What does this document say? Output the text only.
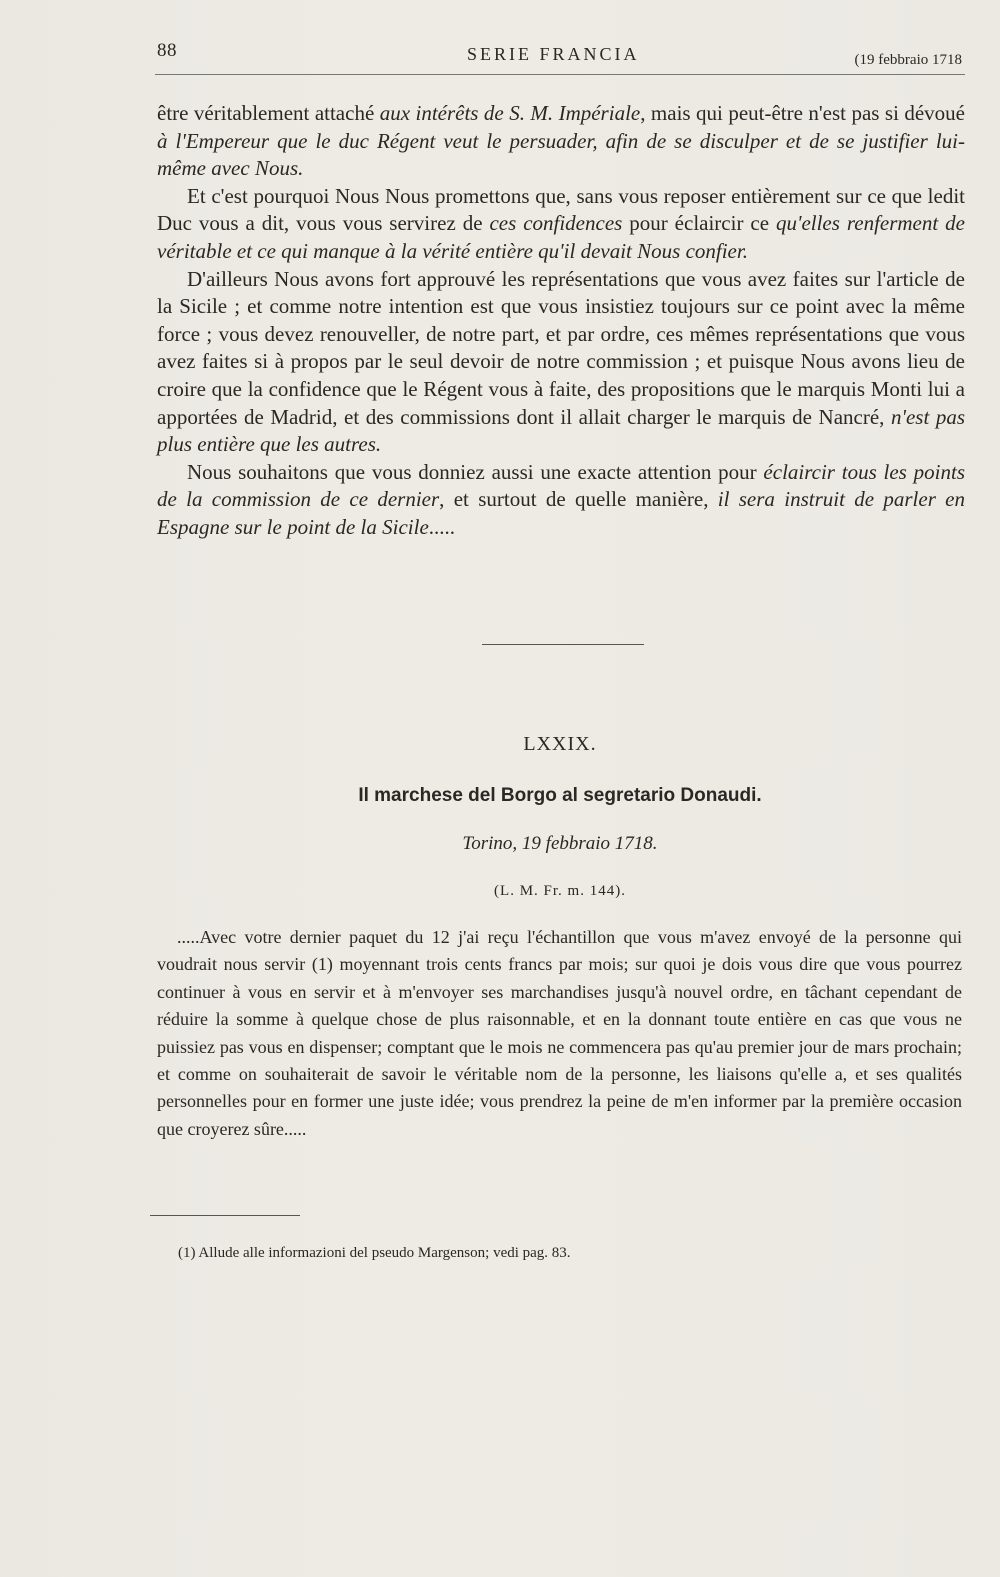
88	SERIE FRANCIA	(19 febbraio 1718

être véritablement attaché aux intérêts de S. M. Impériale, mais qui peut-être n'est pas si dévoué à l'Empereur que le duc Régent veut le persuader, afin de se disculper et de se justifier lui-même avec Nous.

Et c'est pourquoi Nous Nous promettons que, sans vous reposer entièrement sur ce que ledit Duc vous a dit, vous vous servirez de ces confidences pour éclaircir ce qu'elles renferment de véritable et ce qui manque à la vérité entière qu'il devait Nous confier.

D'ailleurs Nous avons fort approuvé les représentations que vous avez faites sur l'article de la Sicile ; et comme notre intention est que vous insistiez toujours sur ce point avec la même force ; vous devez renouveller, de notre part, et par ordre, ces mêmes représentations que vous avez faites si à propos par le seul devoir de notre commission ; et puisque Nous avons lieu de croire que la confidence que le Régent vous à faite, des propositions que le marquis Monti lui a apportées de Madrid, et des commissions dont il allait charger le marquis de Nancré, n'est pas plus entière que les autres.

Nous souhaitons que vous donniez aussi une exacte attention pour éclaircir tous les points de la commission de ce dernier, et surtout de quelle manière, il sera instruit de parler en Espagne sur le point de la Sicile.....

LXXIX.
Il marchese del Borgo al segretario Donaudi.
Torino, 19 febbraio 1718.
(L. M. Fr. m. 144).

.....Avec votre dernier paquet du 12 j'ai reçu l'échantillon que vous m'avez envoyé de la personne qui voudrait nous servir (1) moyennant trois cents francs par mois; sur quoi je dois vous dire que vous pourrez continuer à vous en servir et à m'envoyer ses marchandises jusqu'à nouvel ordre, en tâchant cependant de réduire la somme à quelque chose de plus raisonnable, et en la donnant toute entière en cas que vous ne puissiez pas vous en dispenser; comptant que le mois ne commencera pas qu'au premier jour de mars prochain; et comme on souhaiterait de savoir le véritable nom de la personne, les liaisons qu'elle a, et ses qualités personnelles pour en former une juste idée; vous prendrez la peine de m'en informer par la première occasion que croyerez sûre.....

(1) Allude alle informazioni del pseudo Margenson; vedi pag. 83.
